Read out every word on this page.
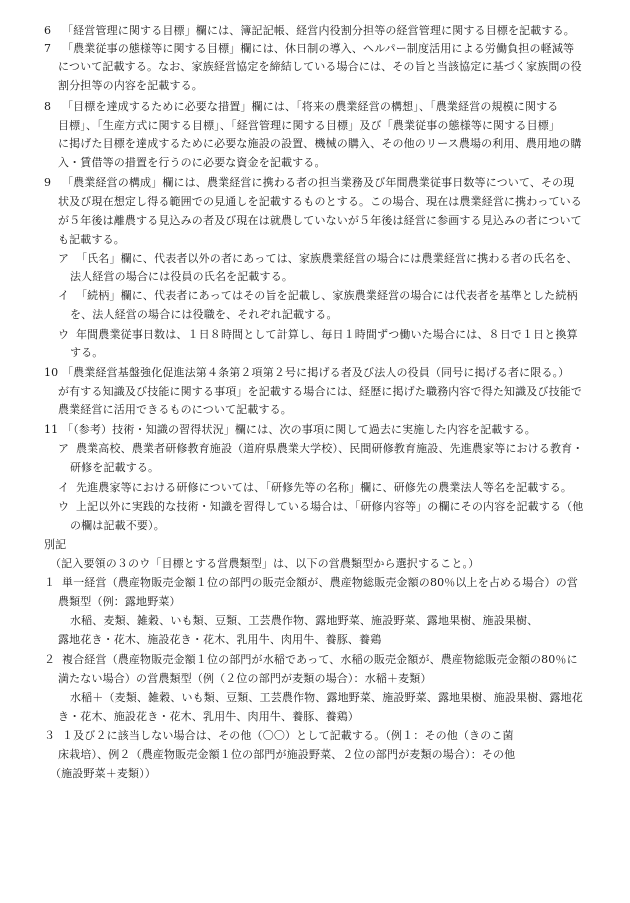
6 「経営管理に関する目標」欄には、簿記記帳、経営内役割分担等の経営管理に関する目標を記載する。
7 「農業従事の態様等に関する目標」欄には、休日制の導入、ヘルパー制度活用による労働負担の軽減等
について記載する。なお、家族経営協定を締結している場合には、その旨と当該協定に基づく家族間の役
割分担等の内容を記載する。
8 「目標を達成するために必要な措置」欄には、「将来の農業経営の構想」、「農業経営の規模に関する
目標」、「生産方式に関する目標」、「経営管理に関する目標」及び「農業従事の態様等に関する目標」
に掲げた目標を達成するために必要な施設の設置、機械の購入、その他のリース農場の利用、農用地の購
入・賃借等の措置を行うのに必要な資金を記載する。
9 「農業経営の構成」欄には、農業経営に携わる者の担当業務及び年間農業従事日数等について、その現
状及び現在想定し得る範囲での見通しを記載するものとする。この場合、現在は農業経営に携わっている
が５年後は離農する見込みの者及び現在は就農していないが５年後は経営に参画する見込みの者について
も記載する。
ア 「氏名」欄に、代表者以外の者にあっては、家族農業経営の場合には農業経営に携わる者の氏名を、
法人経営の場合には役員の氏名を記載する。
イ 「続柄」欄に、代表者にあってはその旨を記載し、家族農業経営の場合には代表者を基準とした続柄
を、法人経営の場合には役職を、それぞれ記載する。
ウ 年間農業従事日数は、１日８時間として計算し、毎日１時間ずつ働いた場合には、８日で１日と換算
する。
10 「農業経営基盤強化促進法第４条第２項第２号に掲げる者及び法人の役員（同号に掲げる者に限る。）
が有する知識及び技能に関する事項」を記載する場合には、経歴に掲げた職務内容で得た知識及び技能で
農業経営に活用できるものについて記載する。
11 「（参考）技術・知識の習得状況」欄には、次の事項に関して過去に実施した内容を記載する。
ア 農業高校、農業者研修教育施設（道府県農業大学校）、民間研修教育施設、先進農家等における教育・
研修を記載する。
イ 先進農家等における研修については、「研修先等の名称」欄に、研修先の農業法人等名を記載する。
ウ 上記以外に実践的な技術・知識を習得している場合は、「研修内容等」の欄にその内容を記載する（他
の欄は記載不要）。
別記
（記入要領の３のウ「目標とする営農類型」は、以下の営農類型から選択すること。）
１ 単一経営（農産物販売金額１位の部門の販売金額が、農産物総販売金額の80％以上を占める場合）の営
農類型（例：露地野菜）
水稲、麦類、雑穀、いも類、豆類、工芸農作物、露地野菜、施設野菜、露地果樹、施設果樹、
露地花き・花木、施設花き・花木、乳用牛、肉用牛、養豚、養鶏
２ 複合経営（農産物販売金額１位の部門が水稲であって、水稲の販売金額が、農産物総販売金額の80％に
満たない場合）の営農類型（例（２位の部門が麦類の場合）：水稲＋麦類）
水稲＋（麦類、雑穀、いも類、豆類、工芸農作物、露地野菜、施設野菜、露地果樹、施設果樹、露地花
き・花木、施設花き・花木、乳用牛、肉用牛、養豚、養鶏）
３ １及び２に該当しない場合は、その他（〇〇）として記載する。（例１：その他（きのこ菌
床栽培）、例２（農産物販売金額１位の部門が施設野菜、２位の部門が麦類の場合）：その他
（施設野菜＋麦類））
